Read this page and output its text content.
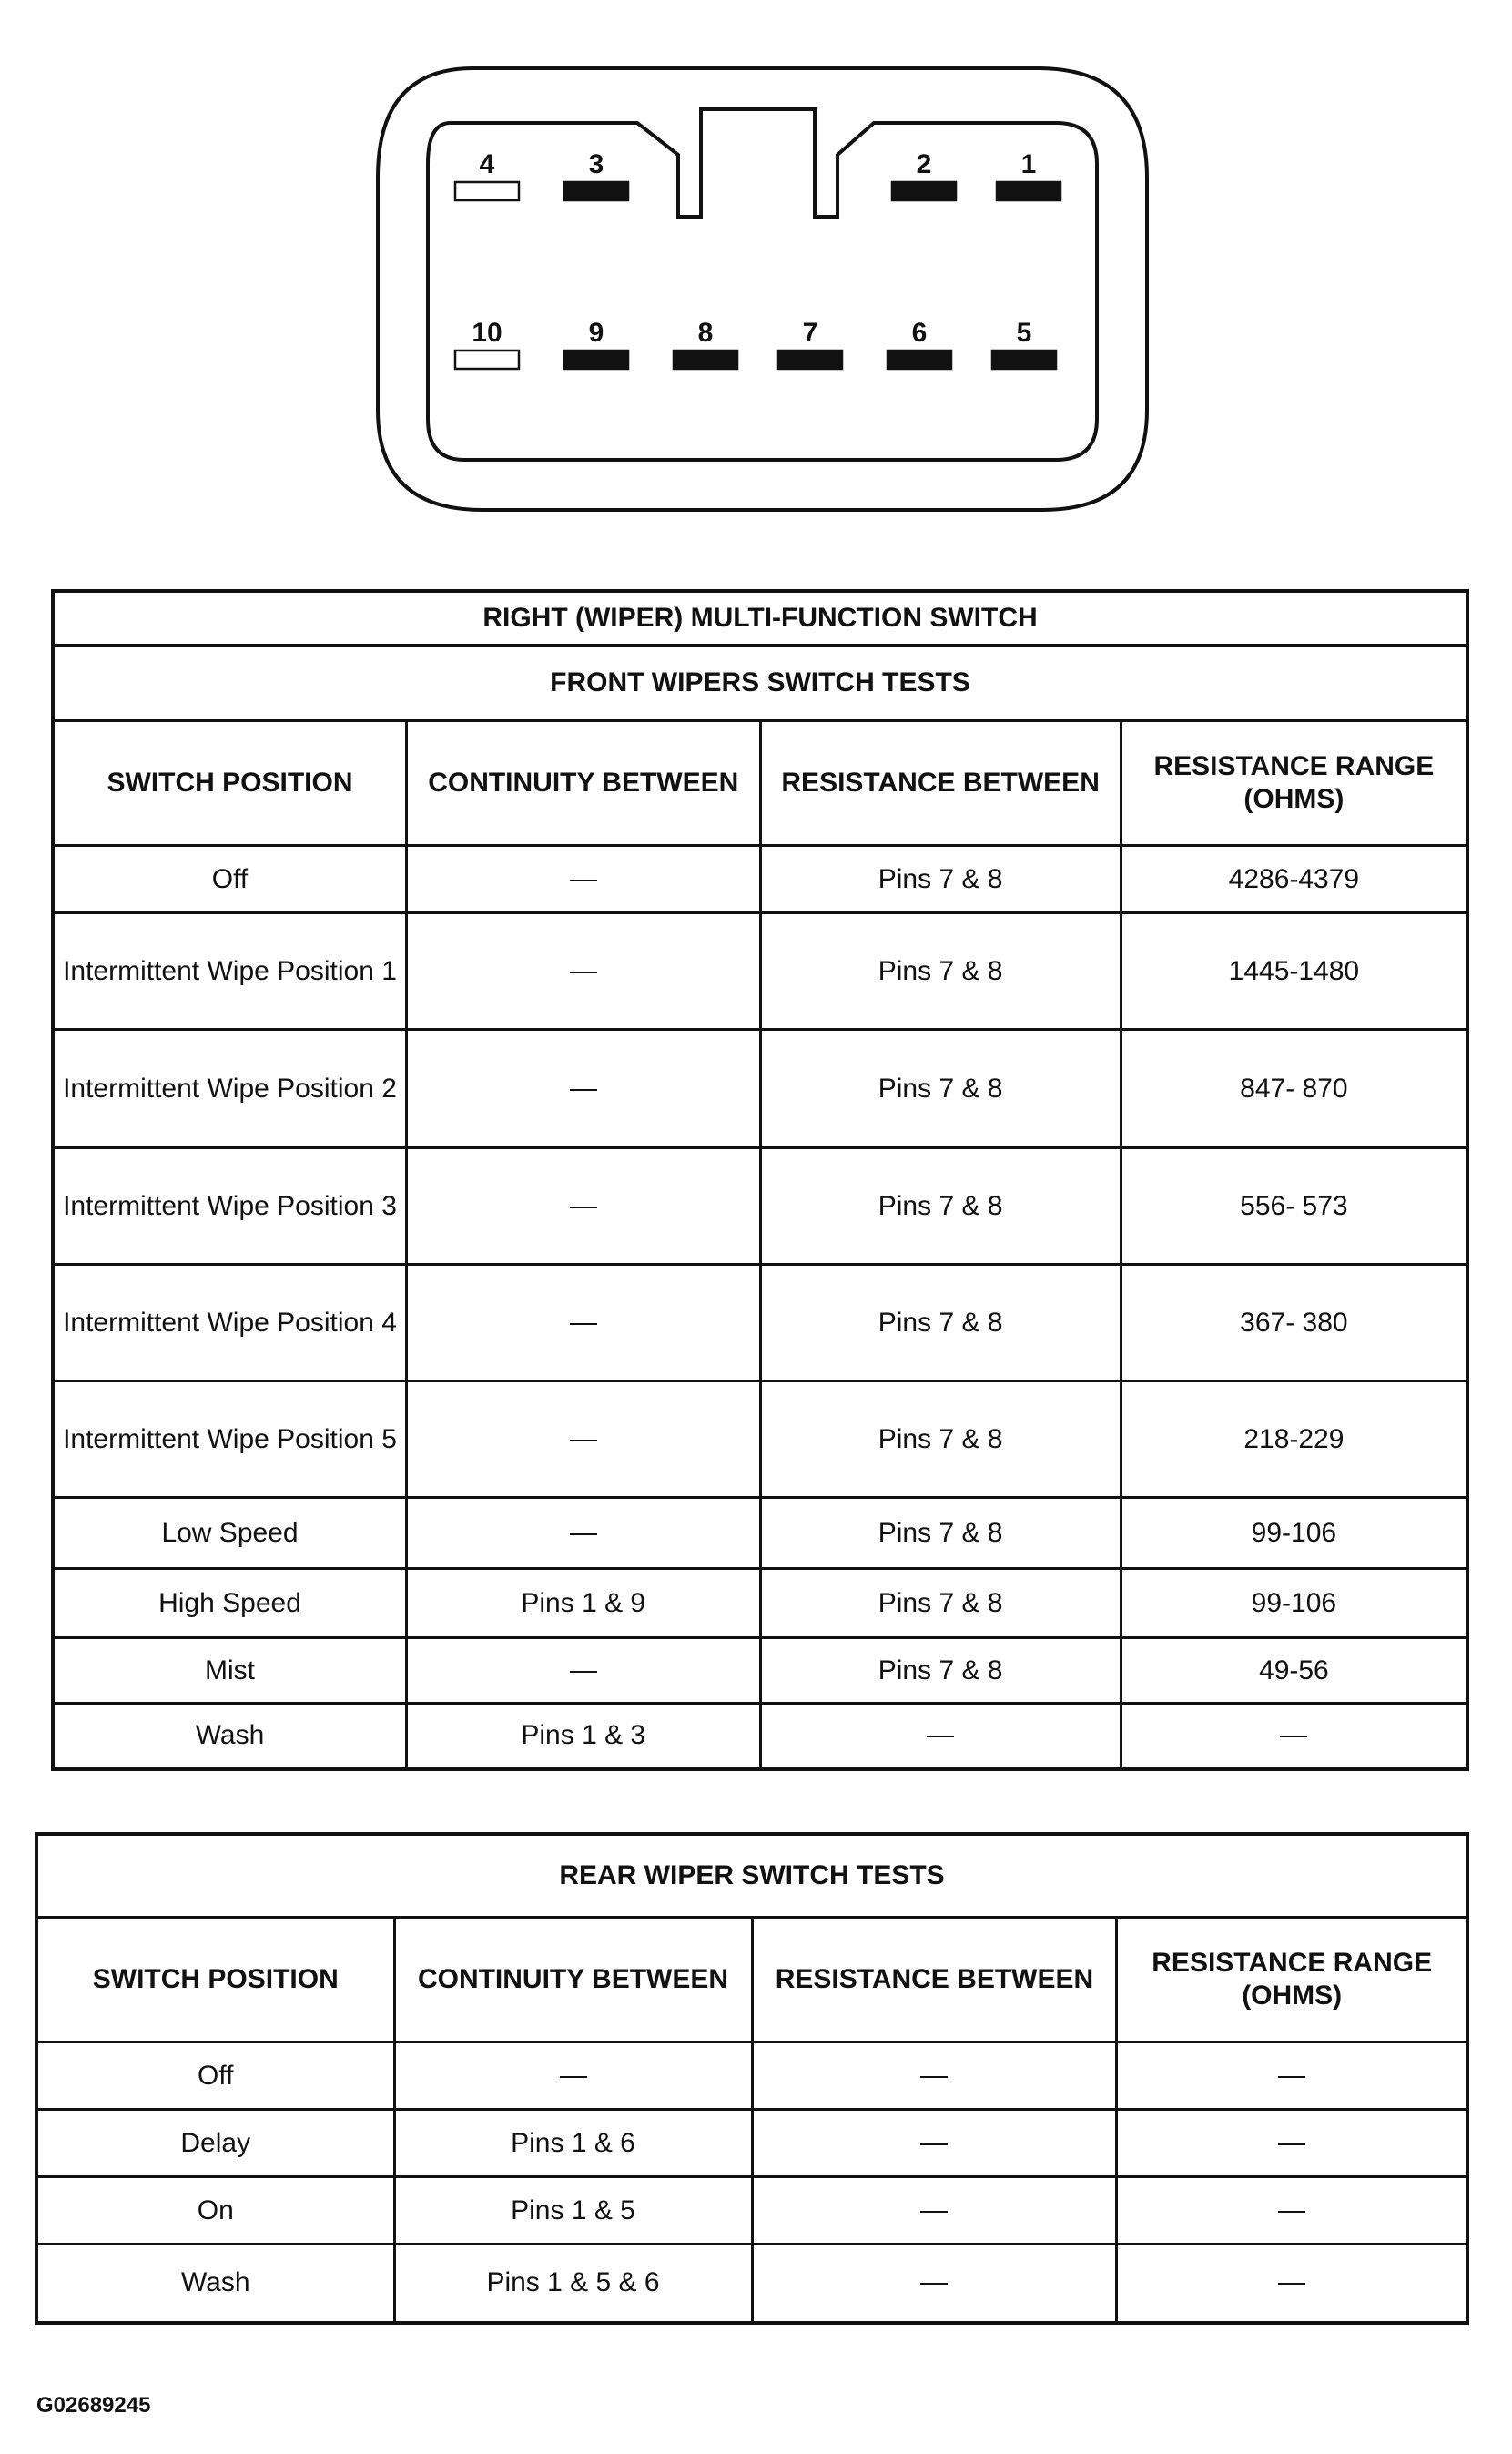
4	3	2	1
10	9	8	7	6	5
RIGHT (WIPER) MULTI-FUNCTION SWITCH			
FRONT WIPERS SWITCH TESTS			
SWITCH POSITION	CONTINUITY BETWEEN	RESISTANCE BETWEEN	RESISTANCE RANGE (OHMS)
Off		Pins 7 & 8	4286-4379
Intermittent Wipe Position 1		Pins 7 & 8	1445-1480
Intermittent Wipe Position 2		Pins 7 & 8	847- 870
Intermittent Wipe Position 3		Pins 7 & 8	556- 573
Intermittent Wipe Position 4		Pins 7 & 8	367- 380
Intermittent Wipe Position 5		Pins 7 & 8	218-229
Low Speed		Pins 7 & 8	99-106
High Speed	Pins 1 & 9	Pins 7 & 8	99-106
Mist		Pins 7 & 8	49-56
Wash	Pins 1 & 3		
REAR WIPER SWITCH TESTS			
SWITCH POSITION	CONTINUITY BETWEEN	RESISTANCE BETWEEN	RESISTANCE RANGE (OHMS)
Off			
Delay	Pins 1 & 6		
On	Pins 1 & 5		
Wash	Pins 1 & 5 & 6		
G02689245
